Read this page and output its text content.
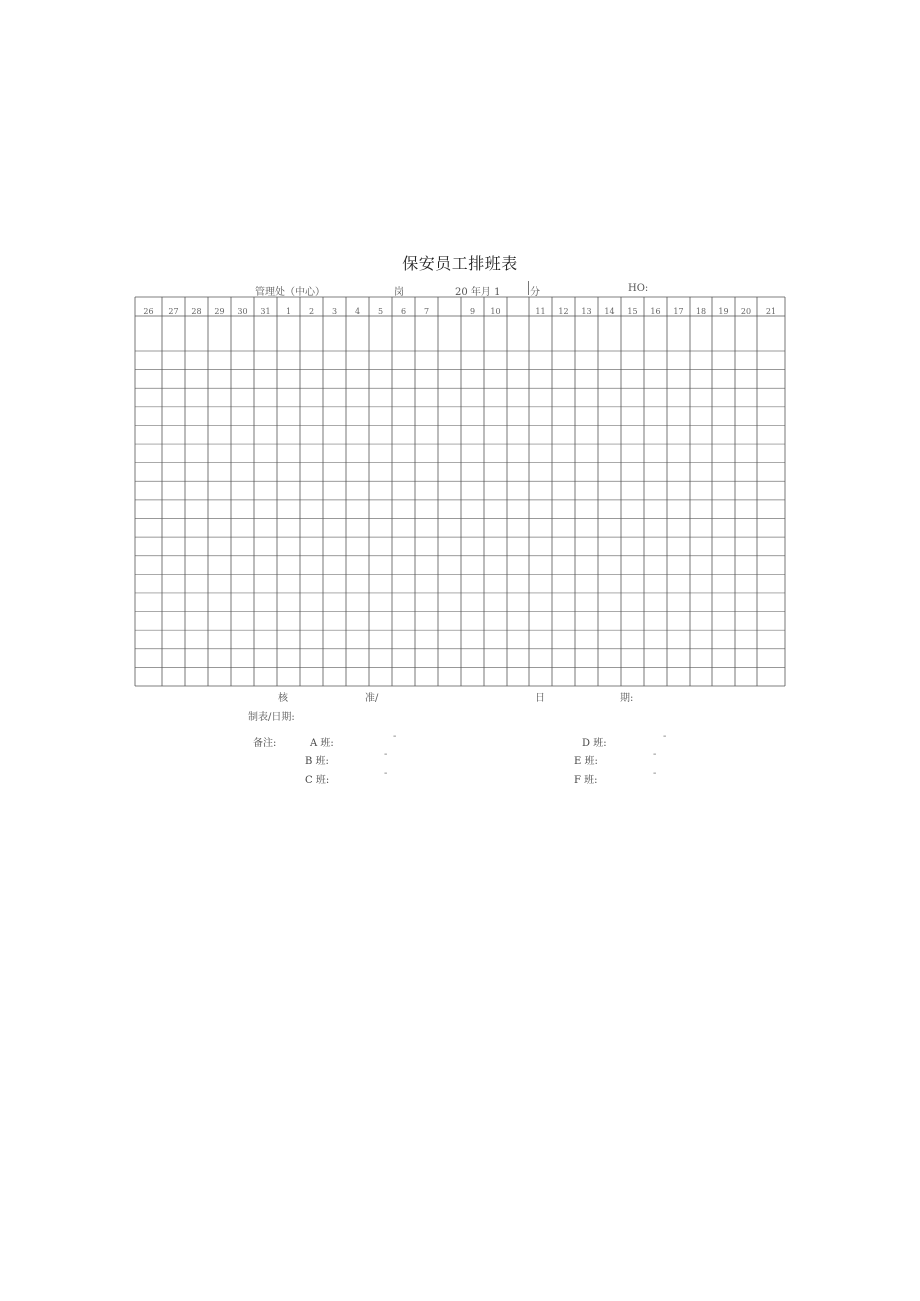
保安员工排班表
管理处（中心）	岗	20 年月 1	分	HO:
26 27 28 29 30 31 1 2 3 4 5 6 7	9 10	11 12 13 14 15 16 17 18 19 20 21
核	准/	日	期:
制表/日期:
备注:	A 班:
-
B 班:
-
C 班:
-
D 班:
-
E 班:
-
F 班:
-
